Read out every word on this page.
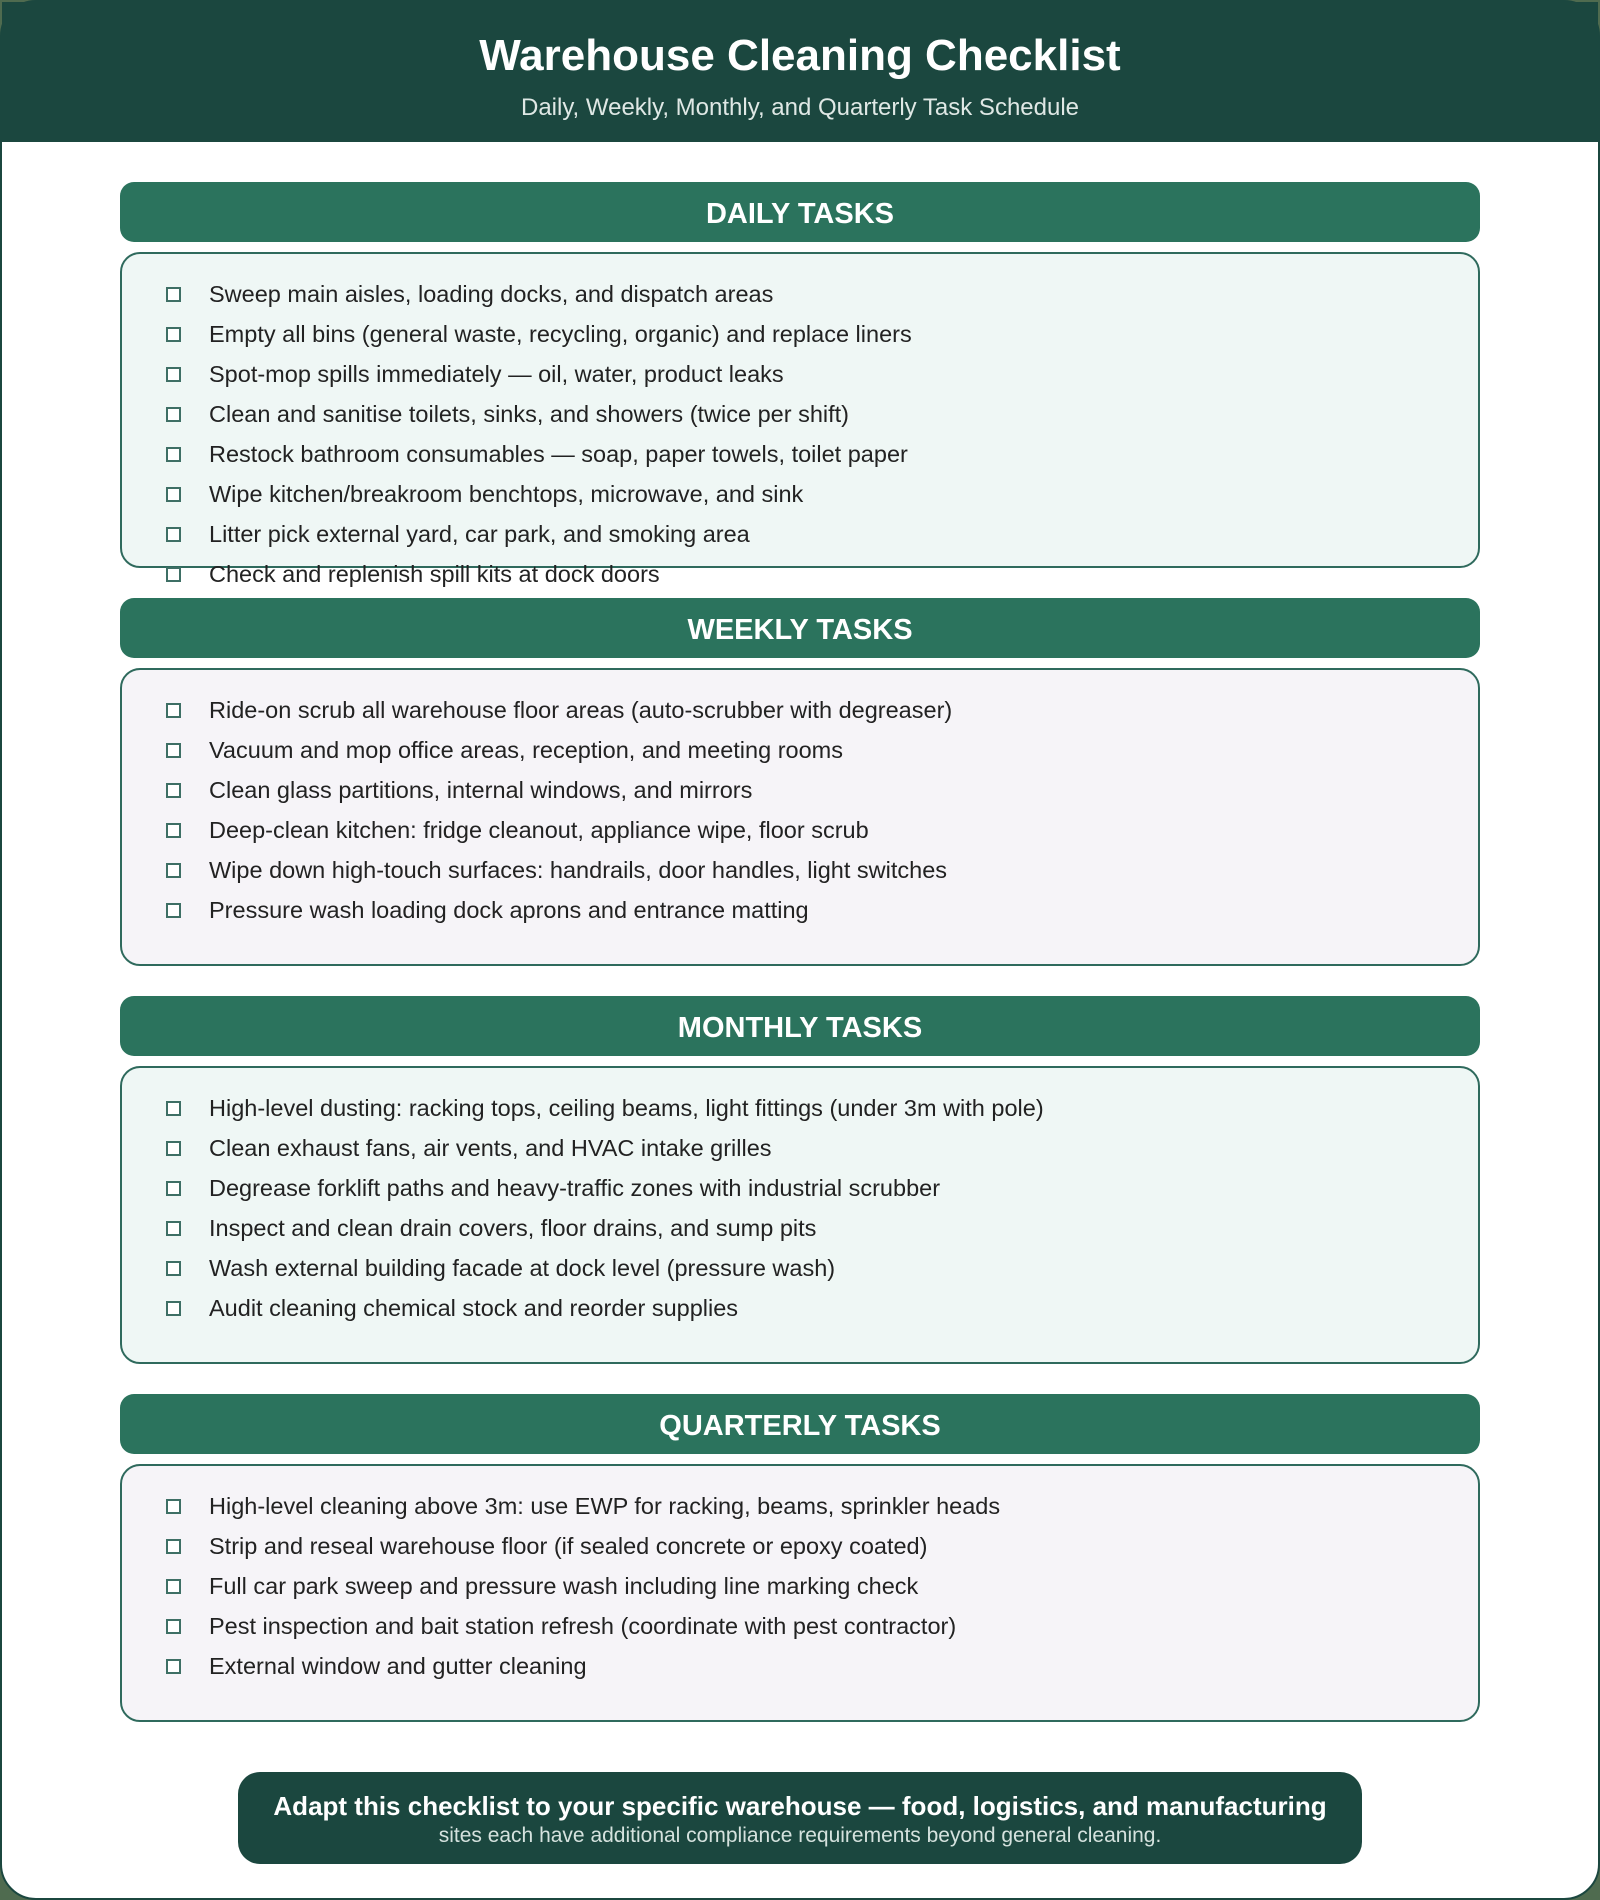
Warehouse Cleaning Checklist
Daily, Weekly, Monthly, and Quarterly Task Schedule
DAILY TASKS
Sweep main aisles, loading docks, and dispatch areas
Empty all bins (general waste, recycling, organic) and replace liners
Spot-mop spills immediately — oil, water, product leaks
Clean and sanitise toilets, sinks, and showers (twice per shift)
Restock bathroom consumables — soap, paper towels, toilet paper
Wipe kitchen/breakroom benchtops, microwave, and sink
Litter pick external yard, car park, and smoking area
Check and replenish spill kits at dock doors
WEEKLY TASKS
Ride-on scrub all warehouse floor areas (auto-scrubber with degreaser)
Vacuum and mop office areas, reception, and meeting rooms
Clean glass partitions, internal windows, and mirrors
Deep-clean kitchen: fridge cleanout, appliance wipe, floor scrub
Wipe down high-touch surfaces: handrails, door handles, light switches
Pressure wash loading dock aprons and entrance matting
MONTHLY TASKS
High-level dusting: racking tops, ceiling beams, light fittings (under 3m with pole)
Clean exhaust fans, air vents, and HVAC intake grilles
Degrease forklift paths and heavy-traffic zones with industrial scrubber
Inspect and clean drain covers, floor drains, and sump pits
Wash external building facade at dock level (pressure wash)
Audit cleaning chemical stock and reorder supplies
QUARTERLY TASKS
High-level cleaning above 3m: use EWP for racking, beams, sprinkler heads
Strip and reseal warehouse floor (if sealed concrete or epoxy coated)
Full car park sweep and pressure wash including line marking check
Pest inspection and bait station refresh (coordinate with pest contractor)
External window and gutter cleaning
Adapt this checklist to your specific warehouse — food, logistics, and manufacturing
sites each have additional compliance requirements beyond general cleaning.
